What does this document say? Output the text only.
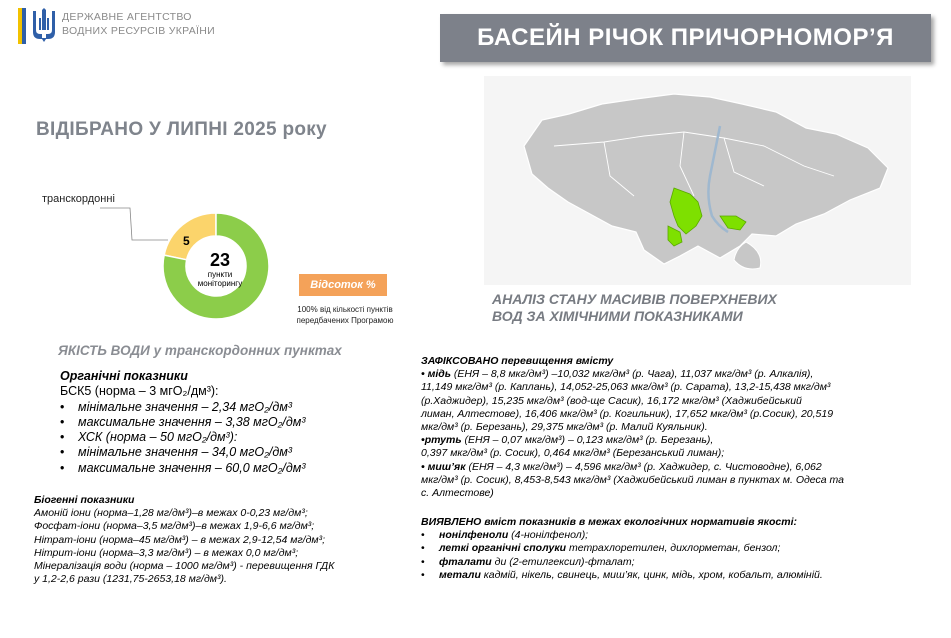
ДЕРЖАВНЕ АГЕНТСТВО
ВОДНИХ РЕСУРСІВ УКРАЇНИ	БАСЕЙН РІЧОК ПРИЧОРНОМОР’Я
ВІДІБРАНО У ЛИПНІ 2025 року
АНАЛІЗ СТАНУ МАСИВІВ ПОВЕРХНЕВИХ
ВОД ЗА ХІМІЧНИМИ ПОКАЗНИКАМИ
транскордонні
5
23
пункти
моніторингу	Відсоток %
100% від кількості пунктів
передбачених Програмою
ЯКІСТЬ ВОДИ у транскордонних пунктах
Органічні показники
БСК5 (норма – 3 мгО₂/дм³):
• мінімальне значення – 2,34 мгО₂/дм³
• максимальне значення – 3,38 мгО₂/дм³
• ХСК (норма – 50 мгО₂/дм³):
• мінімальне значення – 34,0 мгО₂/дм³
• максимальне значення – 60,0 мгО₂/дм³
Біогенні показники
Амоній іони (норма–1,28 мг/дм³)–в межах 0-0,23 мг/дм³;
Фосфат-іони (норма–3,5 мг/дм³)–в межах 1,9-6,6 мг/дм³;
Нітрат-іони (норма–45 мг/дм³) – в межах 2,9-12,54 мг/дм³;
Нітрит-іони (норма–3,3 мг/дм³) – в межах 0,0 мг/дм³;
Мінералізація води (норма – 1000 мг/дм³) - перевищення ГДК
у 1,2-2,6 рази (1231,75-2653,18 мг/дм³).
ЗАФІКСОВАНО перевищення вмісту
• мідь (ЕНЯ – 8,8 мкг/дм³) –10,032 мкг/дм³ (р. Чага), 11,037 мкг/дм³ (р. Алкалія),
11,149 мкг/дм³ (р. Каплань), 14,052-25,063 мкг/дм³ (р. Сарата), 13,2-15,438 мкг/дм³
(р.Хаджидер), 15,235 мкг/дм³ (вод-ще Сасик), 16,172 мкг/дм³ (Хаджибейський
лиман, Алтестове), 16,406 мкг/дм³ (р. Когильник), 17,652 мкг/дм³ (р.Сосик), 20,519
мкг/дм³ (р. Березань), 29,375 мкг/дм³ (р. Малий Куяльник).
•ртуть (ЕНЯ – 0,07 мкг/дм³) – 0,123 мкг/дм³ (р. Березань),
0,397 мкг/дм³ (р. Сосик), 0,464 мкг/дм³ (Березанський лиман);
• миш’як (ЕНЯ – 4,3 мкг/дм³) – 4,596 мкг/дм³ (р. Хаджидер, с. Чистоводне), 6,062
мкг/дм³ (р. Сосик), 8,453-8,543 мкг/дм³ (Хаджибейський лиман в пунктах м. Одеса та
с. Алтестове)
ВИЯВЛЕНО вміст показників в межах екологічних нормативів якості:
• нонілфеноли (4-нонілфенол);
• леткі органічні сполуки тетрахлоретилен, дихлорметан, бензол;
• фталати ди (2-етилгексил)-фталат;
• метали кадмій, нікель, свинець, миш’як, цинк, мідь, хром, кобальт, алюміній.
